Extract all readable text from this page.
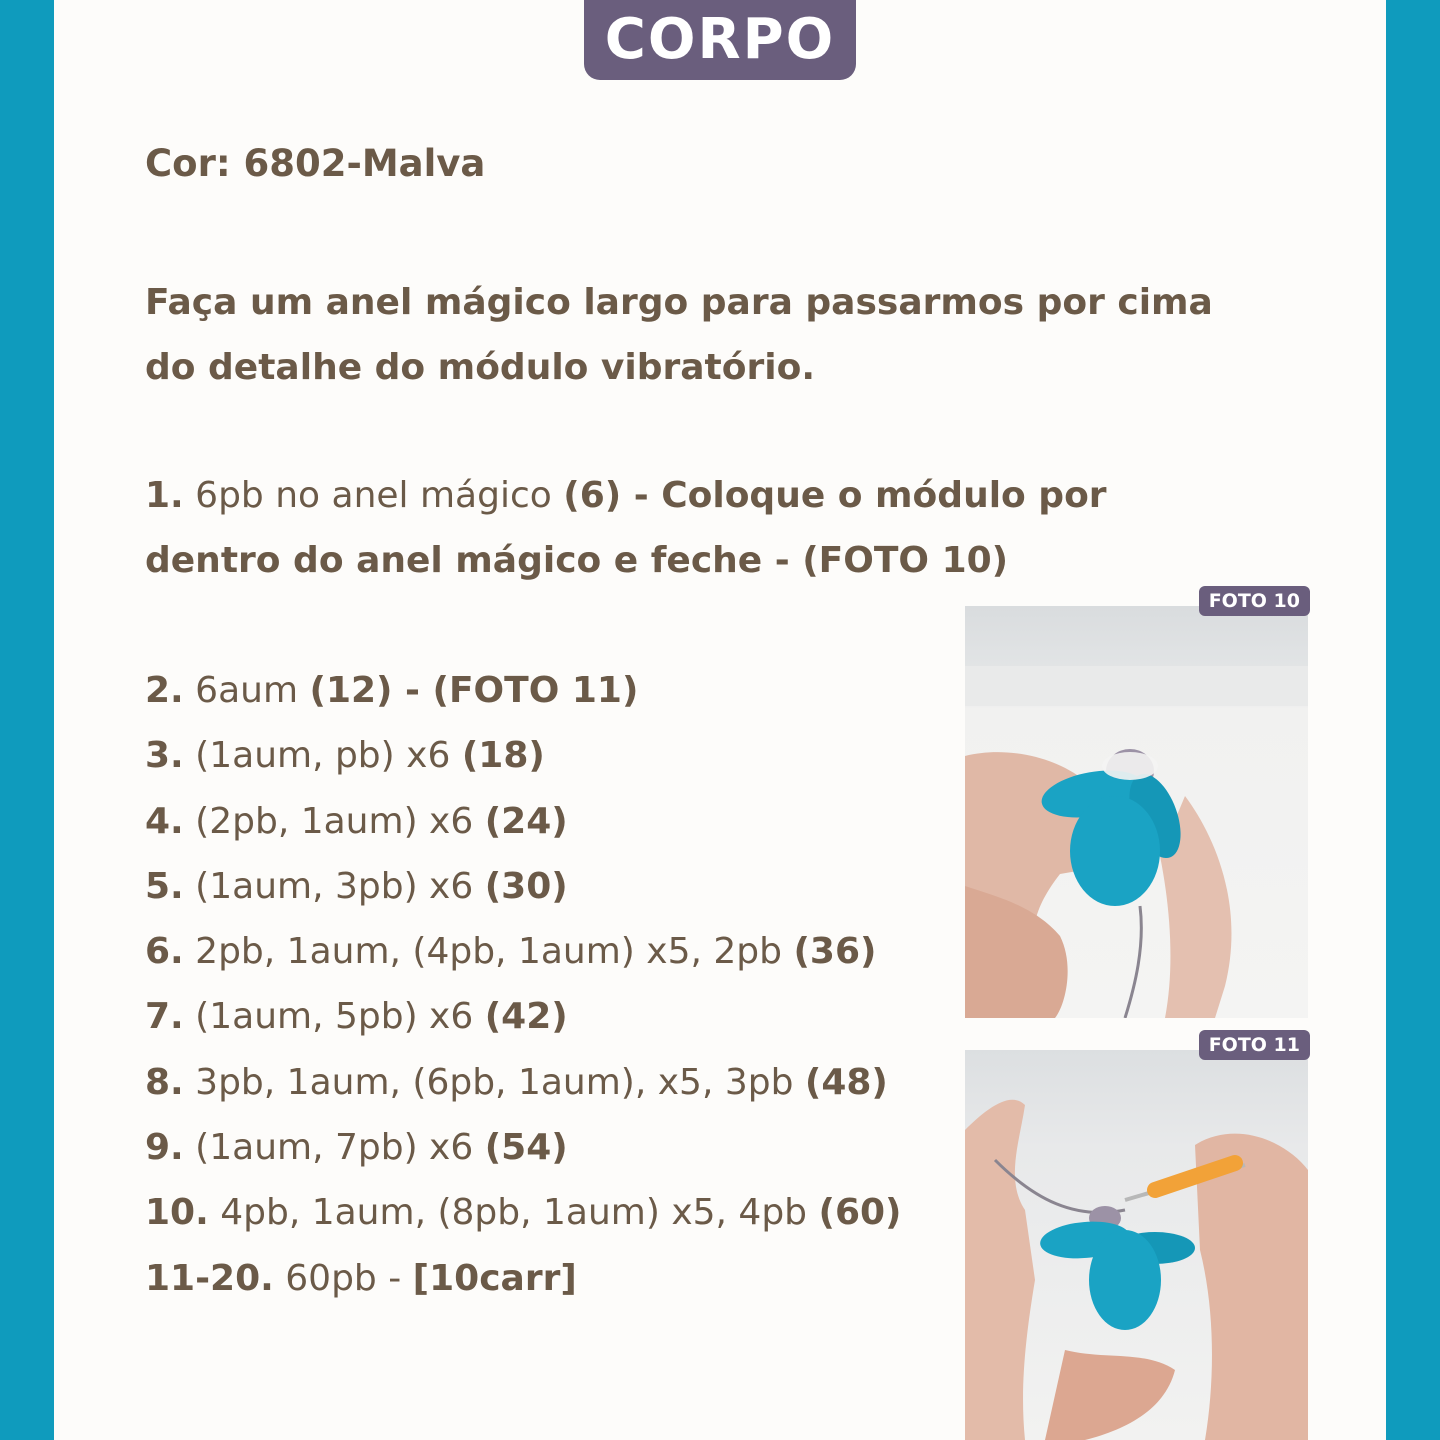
CORPO
Cor: 6802-Malva
Faça um anel mágico largo para passarmos por cima
do detalhe do módulo vibratório.
1. 6pb no anel mágico (6) - Coloque o módulo por
dentro do anel mágico e feche - (FOTO 10)
2. 6aum (12) - (FOTO 11)
3. (1aum, pb) x6 (18)
4. (2pb, 1aum) x6 (24)
5. (1aum, 3pb) x6 (30)
6. 2pb, 1aum, (4pb, 1aum) x5, 2pb (36)
7. (1aum, 5pb) x6 (42)
8. 3pb, 1aum, (6pb, 1aum), x5, 3pb (48)
9. (1aum, 7pb) x6 (54)
10. 4pb, 1aum, (8pb, 1aum) x5, 4pb (60)
11-20. 60pb - [10carr]
FOTO 10
FOTO 11
